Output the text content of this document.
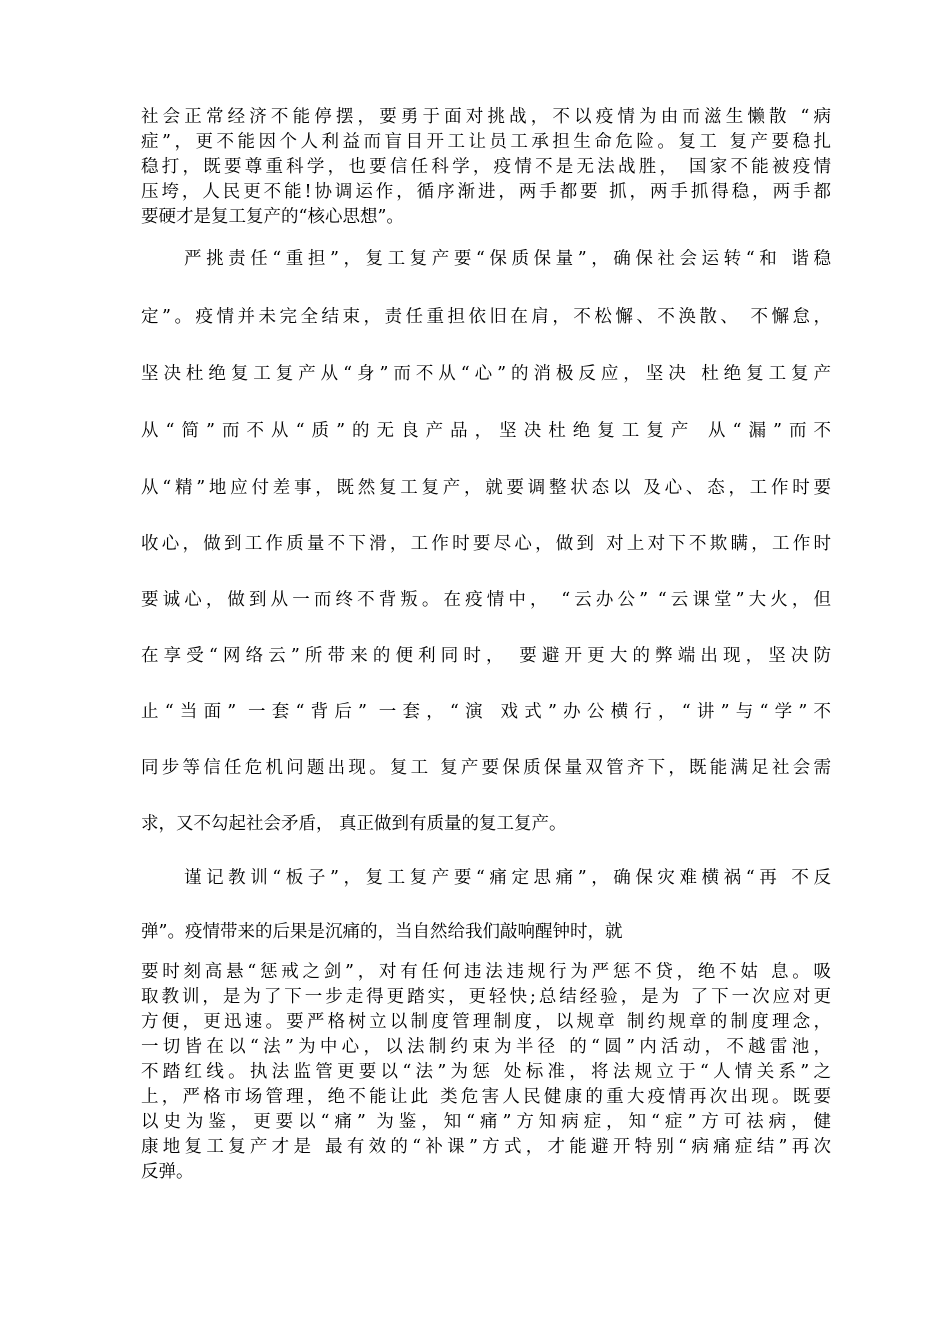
社会正常经济不能停摆，要勇于面对挑战，不以疫情为由而滋生懒散 “病
症”，更不能因个人利益而盲目开工让员工承担生命危险。复工 复产要稳扎
稳打，既要尊重科学，也要信任科学，疫情不是无法战胜， 国家不能被疫情
压垮，人民更不能!协调运作，循序渐进，两手都要 抓，两手抓得稳，两手都
要硬才是复工复产的“核心思想”。
严挑责任“重担”，复工复产要“保质保量”，确保社会运转“和 谐稳
定”。疫情并未完全结束，责任重担依旧在肩，不松懈、不涣散、 不懈怠，
坚决杜绝复工复产从“身”而不从“心”的消极反应，坚决 杜绝复工复产
从“简”而不从“质”的无良产品，坚决杜绝复工复产 从“漏”而不
从“精”地应付差事，既然复工复产，就要调整状态以 及心、态，工作时要
收心，做到工作质量不下滑，工作时要尽心，做到 对上对下不欺瞒，工作时
要诚心，做到从一而终不背叛。在疫情中， “云办公” “云课堂”大火，但
在享受“网络云”所带来的便利同时， 要避开更大的弊端出现，坚决防
止“当面” 一套“背后” 一套，“演 戏式”办公横行，“讲”与“学”不
同步等信任危机问题出现。复工 复产要保质保量双管齐下，既能满足社会需
求，又不勾起社会矛盾， 真正做到有质量的复工复产。
谨记教训“板子”，复工复产要“痛定思痛”，确保灾难横祸“再 不反
弹”。疫情带来的后果是沉痛的，当自然给我们敲响醒钟时，就
要时刻高悬“惩戒之剑”，对有任何违法违规行为严惩不贷，绝不姑 息。吸
取教训，是为了下一步走得更踏实，更轻快;总结经验，是为 了下一次应对更
方便，更迅速。要严格树立以制度管理制度，以规章 制约规章的制度理念，
一切皆在以“法”为中心，以法制约束为半径 的“圆”内活动，不越雷池，
不踏红线。执法监管更要以“法”为惩 处标准，将法规立于“人情关系”之
上，严格市场管理，绝不能让此 类危害人民健康的重大疫情再次出现。既要
以史为鉴，更要以“痛” 为鉴，知“痛”方知病症，知“症”方可祛病，健
康地复工复产才是 最有效的“补课”方式，才能避开特别“病痛症结”再次
反弹。
